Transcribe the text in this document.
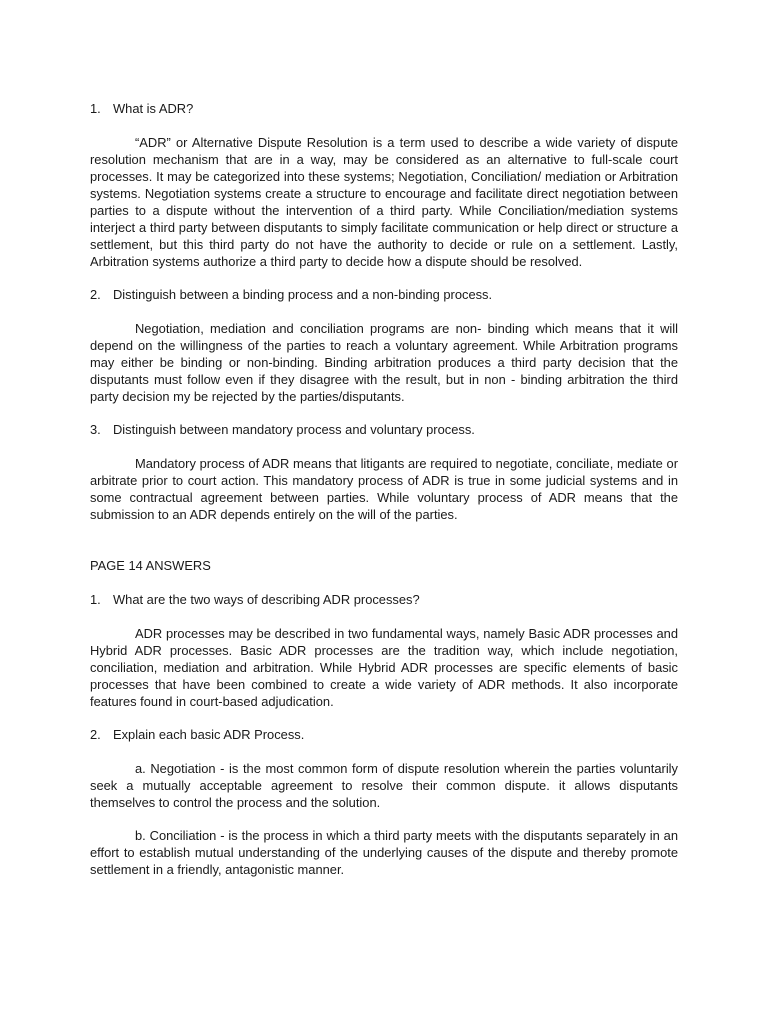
1. What is ADR?

“ADR” or Alternative Dispute Resolution is a term used to describe a wide variety of dispute resolution mechanism that are in a way, may be considered as an alternative to full-scale court processes. It may be categorized into these systems; Negotiation, Conciliation/ mediation or Arbitration systems. Negotiation systems create a structure to encourage and facilitate direct negotiation between parties to a dispute without the intervention of a third party. While Conciliation/mediation systems interject a third party between disputants to simply facilitate communication or help direct or structure a settlement, but this third party do not have the authority to decide or rule on a settlement. Lastly, Arbitration systems authorize a third party to decide how a dispute should be resolved.

2. Distinguish between a binding process and a non-binding process.

Negotiation, mediation and conciliation programs are non- binding which means that it will depend on the willingness of the parties to reach a voluntary agreement. While Arbitration programs may either be binding or non-binding. Binding arbitration produces a third party decision that the disputants must follow even if they disagree with the result, but in non - binding arbitration the third party decision my be rejected by the parties/disputants.

3. Distinguish between mandatory process and voluntary process.

Mandatory process of ADR means that litigants are required to negotiate, conciliate, mediate or arbitrate prior to court action. This mandatory process of ADR is true in some judicial systems and in some contractual agreement between parties. While voluntary process of ADR means that the submission to an ADR depends entirely on the will of the parties.

PAGE 14 ANSWERS

1. What are the two ways of describing ADR processes?

ADR processes may be described in two fundamental ways, namely Basic ADR processes and Hybrid ADR processes. Basic ADR processes are the tradition way, which include negotiation, conciliation, mediation and arbitration. While Hybrid ADR processes are specific elements of basic processes that have been combined to create a wide variety of ADR methods. It also incorporate features found in court-based adjudication.

2. Explain each basic ADR Process.

a. Negotiation - is the most common form of dispute resolution wherein the parties voluntarily seek a mutually acceptable agreement to resolve their common dispute. it allows disputants themselves to control the process and the solution.

b. Conciliation - is the process in which a third party meets with the disputants separately in an effort to establish mutual understanding of the underlying causes of the dispute and thereby promote settlement in a friendly, antagonistic manner.
